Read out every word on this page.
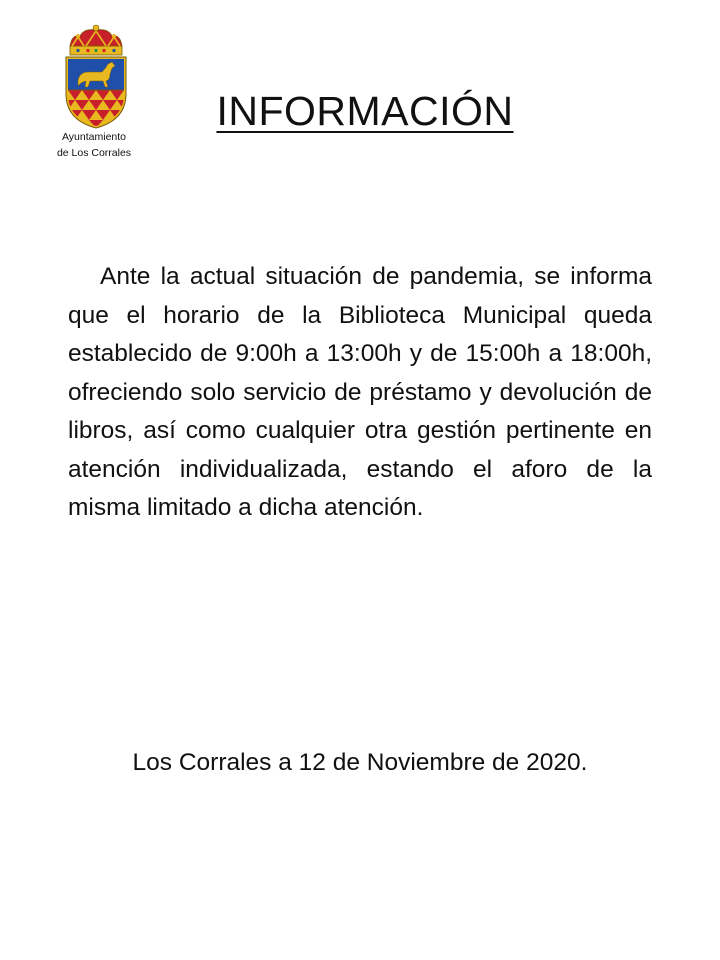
Ayuntamiento
de Los Corrales
INFORMACIÓN

Ante la actual situación de pandemia, se informa que el horario de la Biblioteca Municipal queda establecido de 9:00h a 13:00h y de 15:00h a 18:00h, ofreciendo solo servicio de préstamo y devolución de libros, así como cualquier otra gestión pertinente en atención individualizada, estando el aforo de la misma limitado a dicha atención.

Los Corrales a 12 de Noviembre de 2020.
